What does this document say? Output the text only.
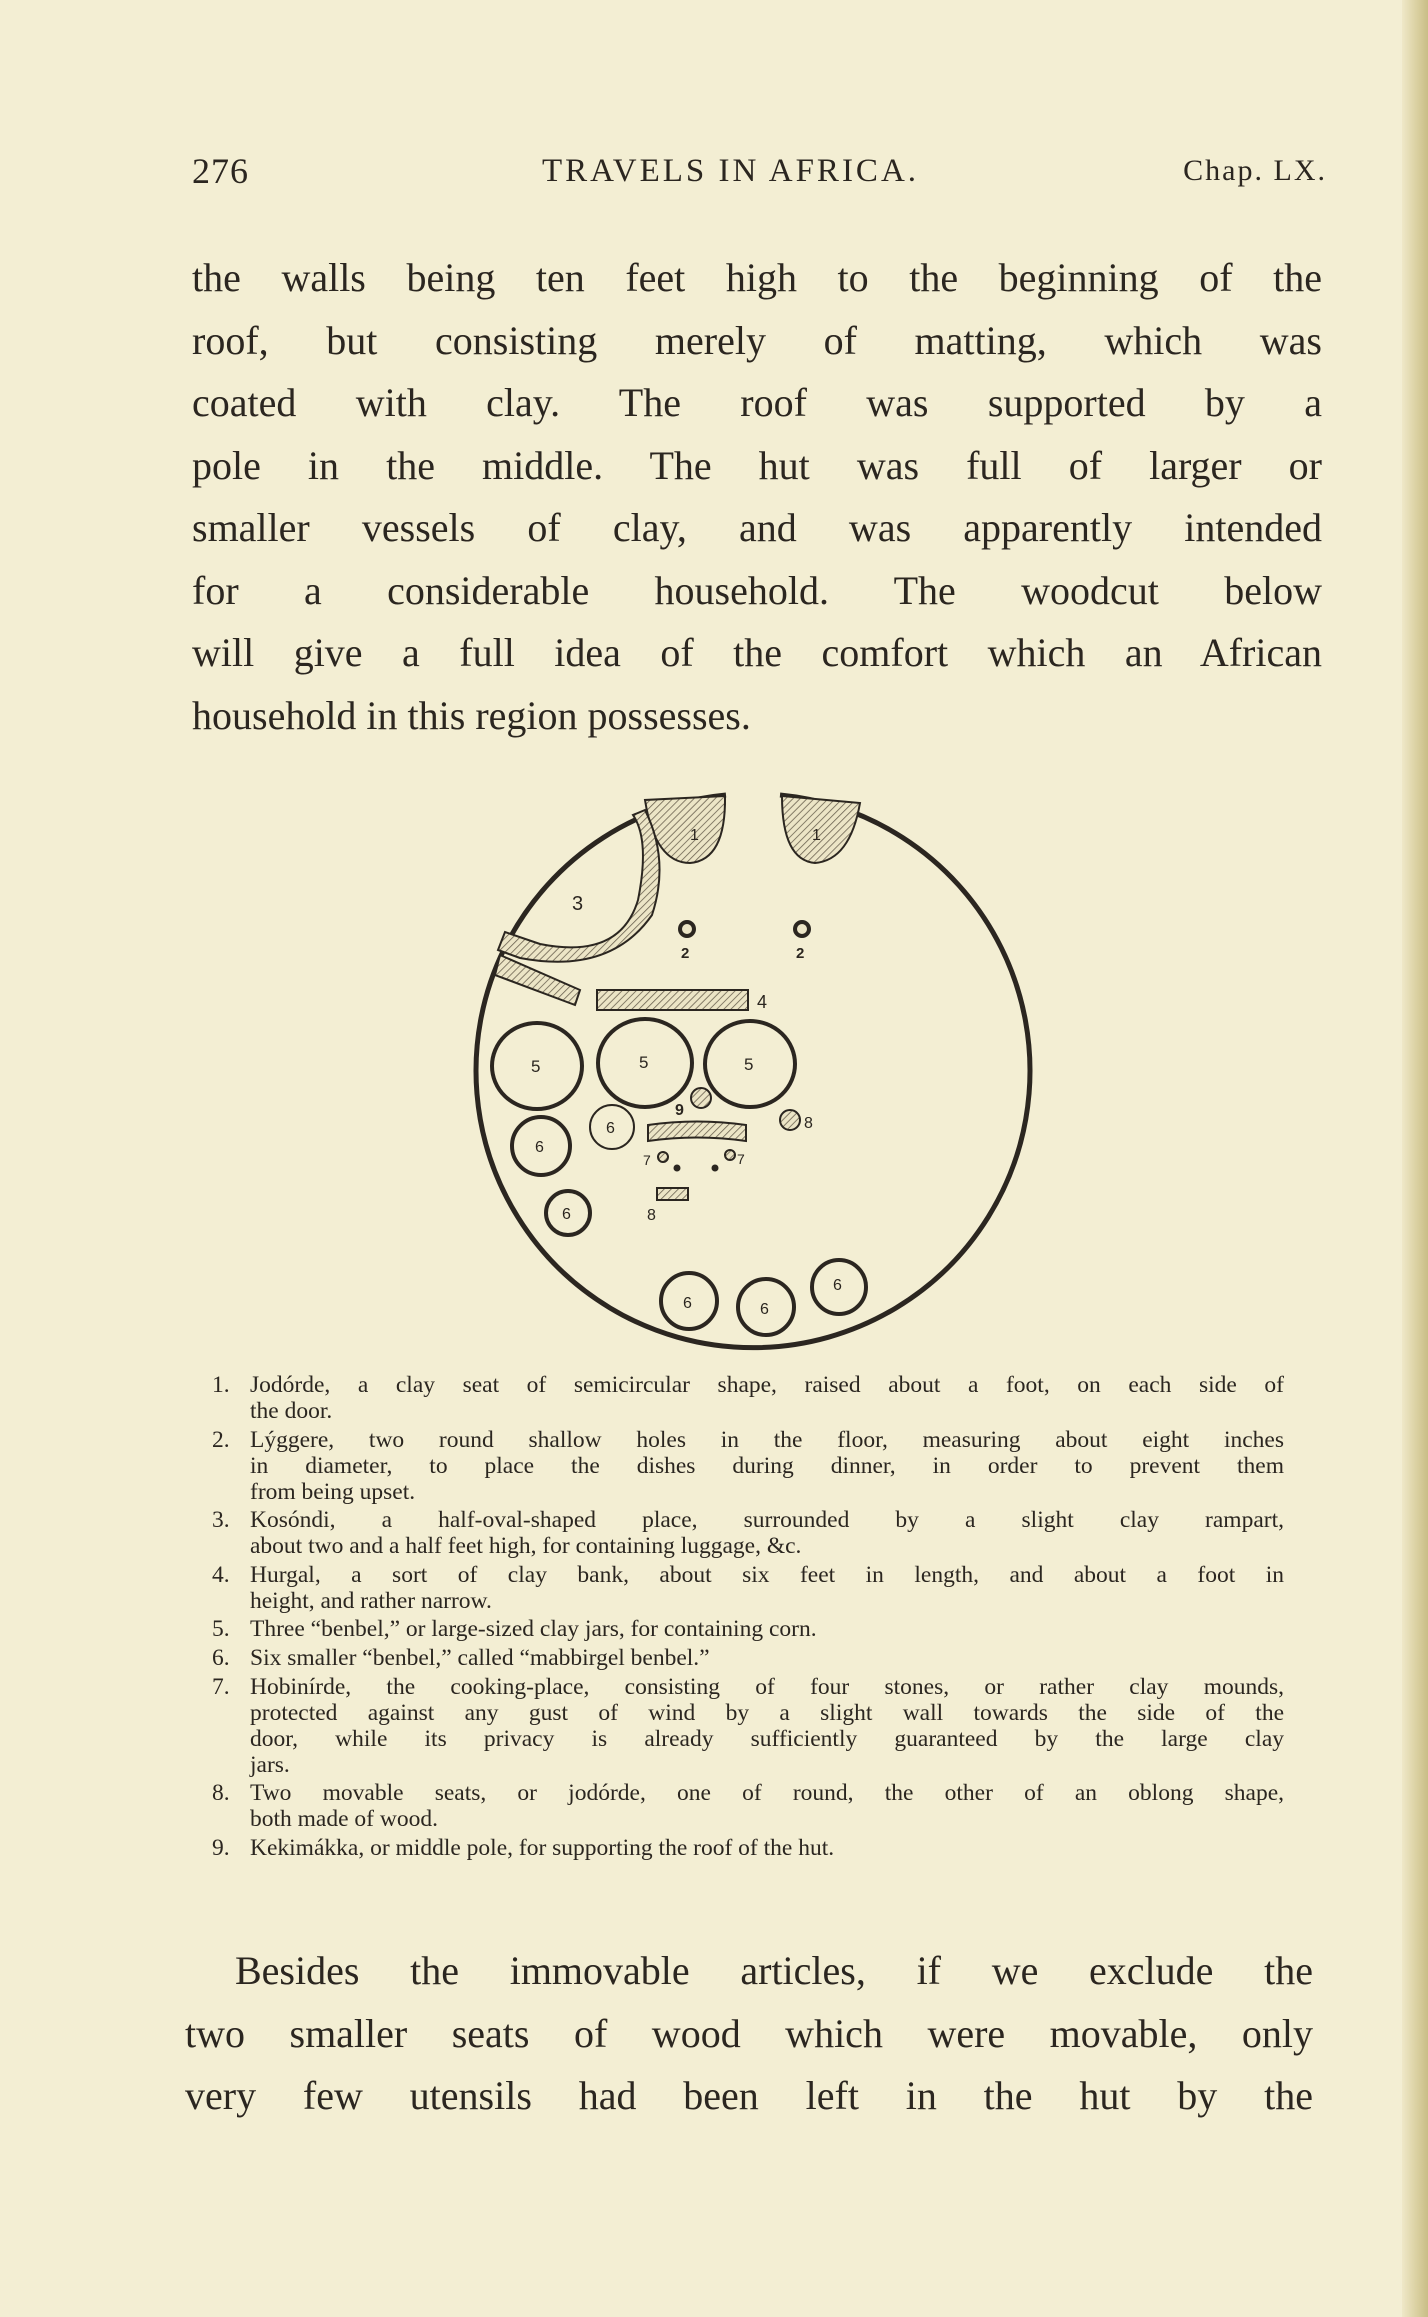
276	TRAVELS IN AFRICA.	Chap. LX.
the walls being ten feet high to the beginning of the
roof, but consisting merely of matting, which was
coated with clay. The roof was supported by a
pole in the middle. The hut was full of larger or
smaller vessels of clay, and was apparently intended
for a considerable household. The woodcut below
will give a full idea of the comfort which an African
household in this region possesses.
1	1
3
2	2
4
5	5	5
9
8
6
6
6
6	6
6
7	7
8
1. Jodórde, a clay seat of semicircular shape, raised about a foot, on each side of
the door.
2. Lýggere, two round shallow holes in the floor, measuring about eight inches
in diameter, to place the dishes during dinner, in order to prevent them
from being upset.
3. Kosóndi, a half-oval-shaped place, surrounded by a slight clay rampart,
about two and a half feet high, for containing luggage, &c.
4. Hurgal, a sort of clay bank, about six feet in length, and about a foot in
height, and rather narrow.
5. Three “benbel,” or large-sized clay jars, for containing corn.
6. Six smaller “benbel,” called “mabbirgel benbel.”
7. Hobinírde, the cooking-place, consisting of four stones, or rather clay mounds,
protected against any gust of wind by a slight wall towards the side of the
door, while its privacy is already sufficiently guaranteed by the large clay
jars.
8. Two movable seats, or jodórde, one of round, the other of an oblong shape,
both made of wood.
9. Kekimákka, or middle pole, for supporting the roof of the hut.
Besides the immovable articles, if we exclude the
two smaller seats of wood which were movable, only
very few utensils had been left in the hut by the
